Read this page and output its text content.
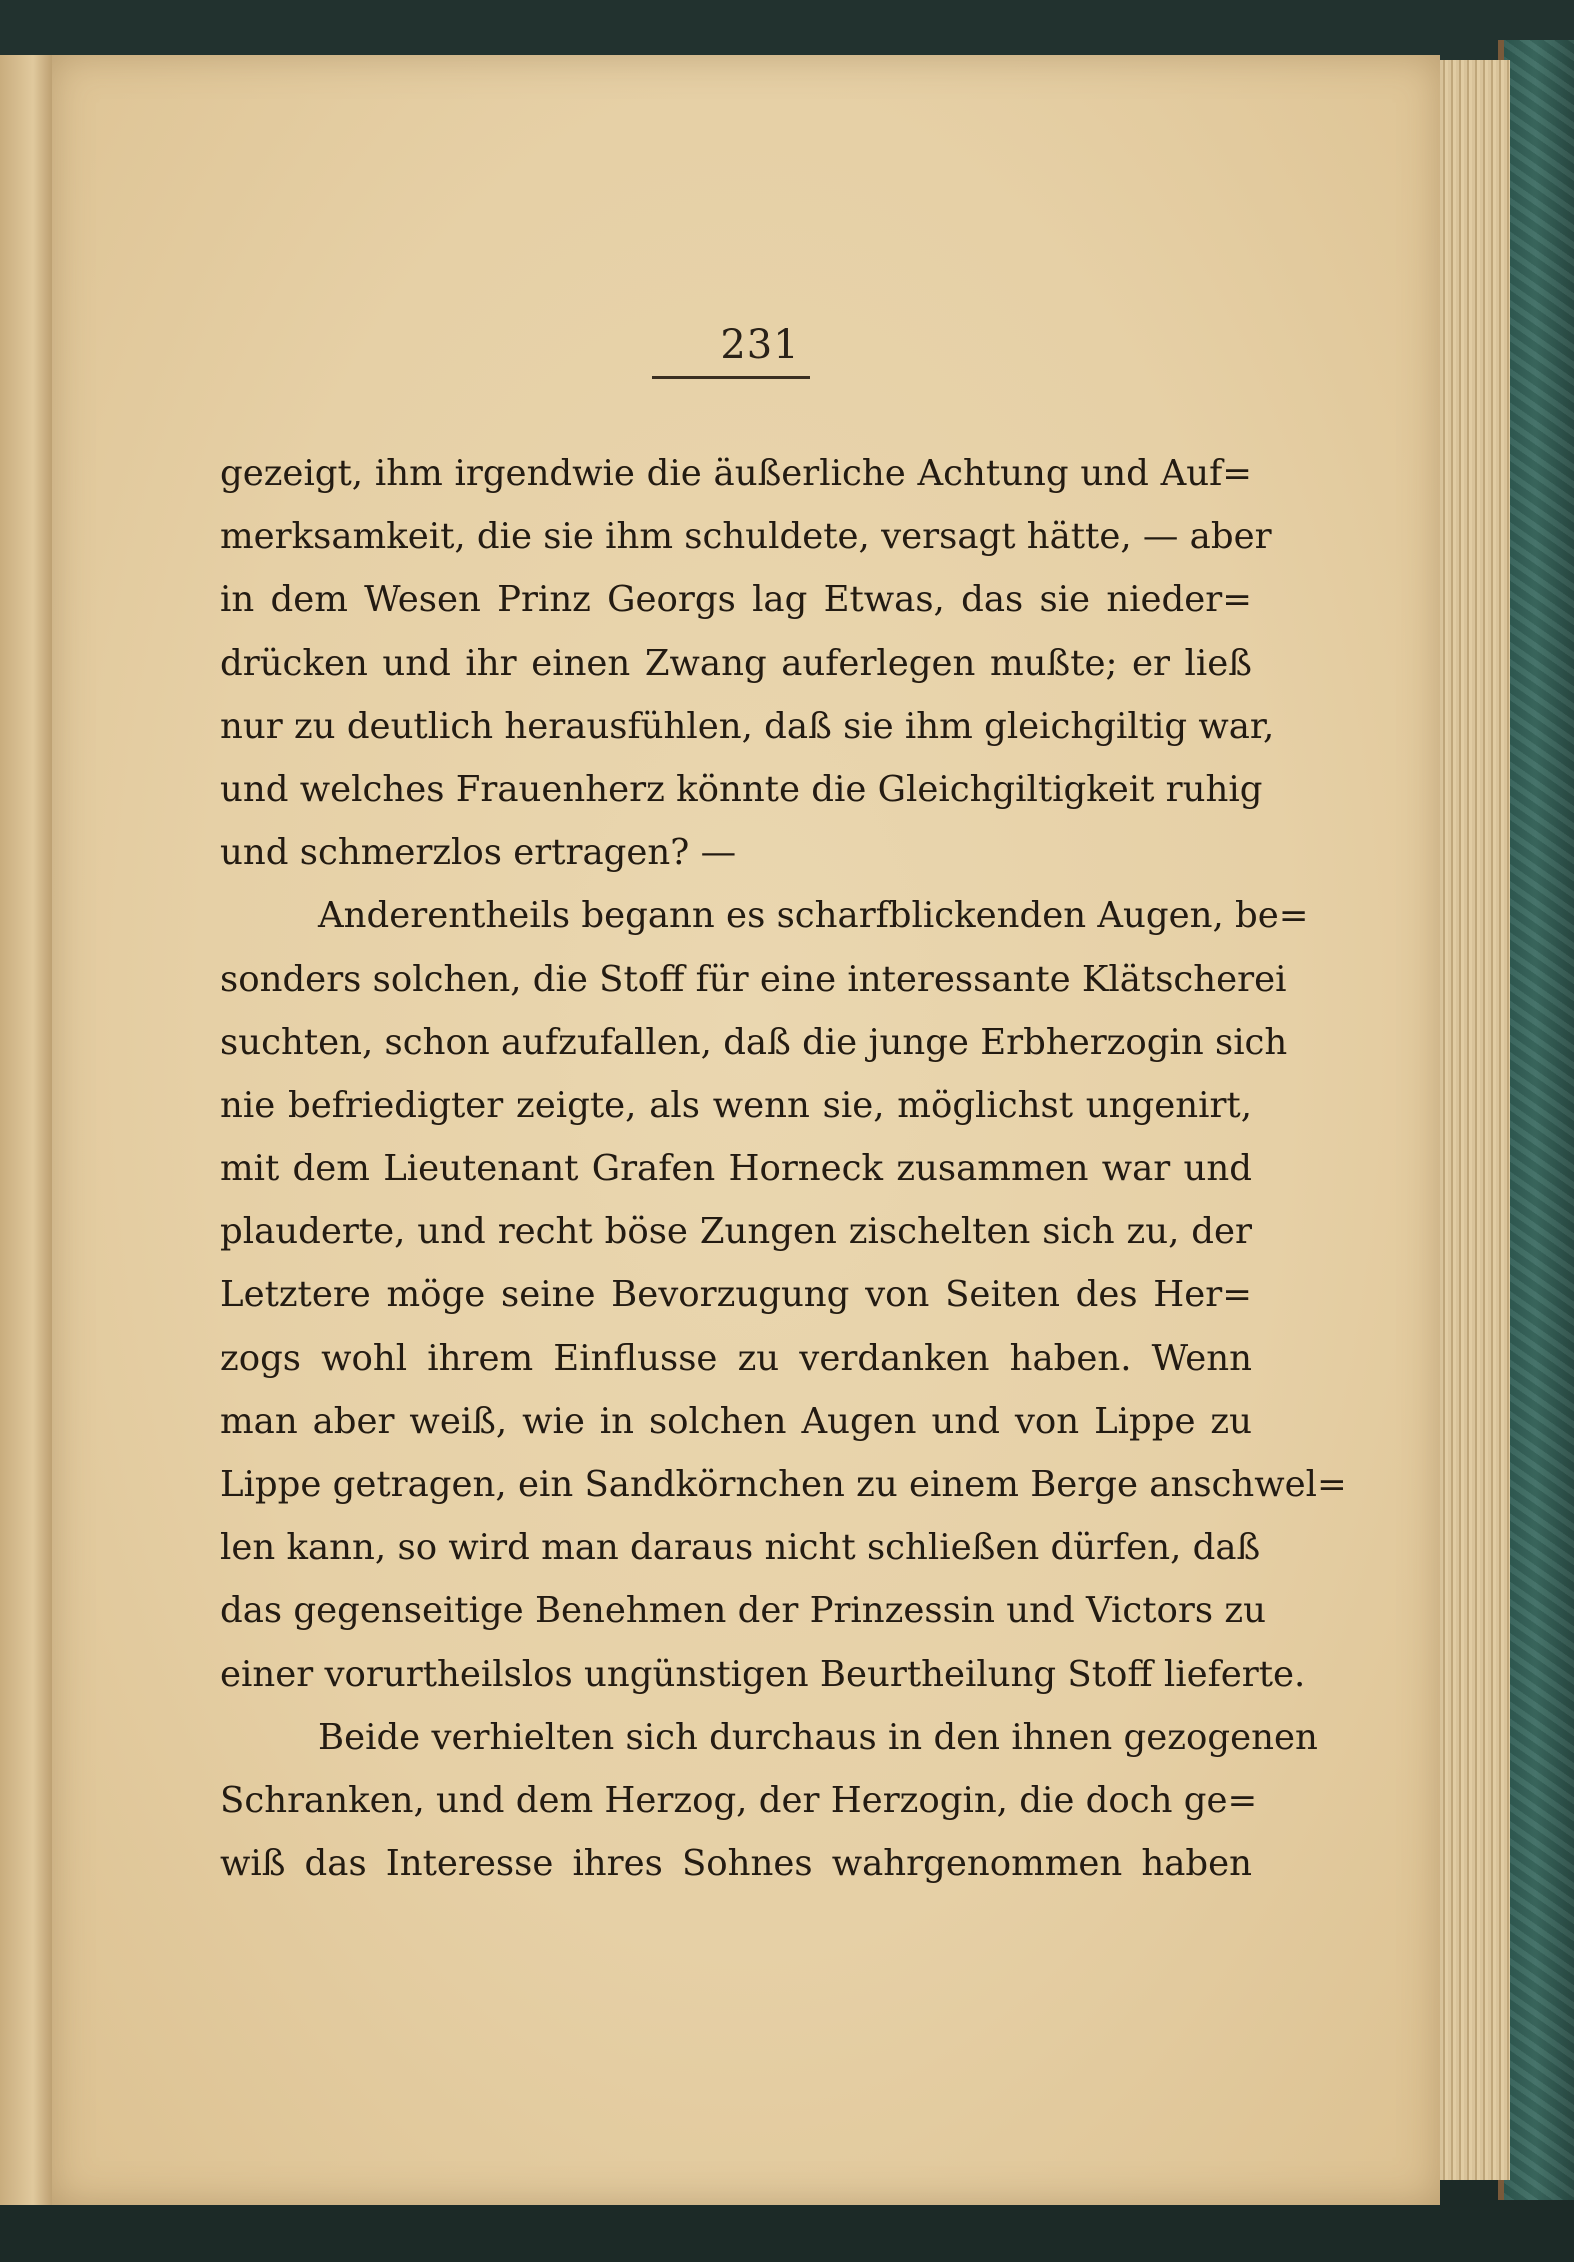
231
gezeigt, ihm irgendwie die äußerliche Achtung und Auf=
merksamkeit, die sie ihm schuldete, versagt hätte, — aber
in dem Wesen Prinz Georgs lag Etwas, das sie nieder=
drücken und ihr einen Zwang auferlegen mußte; er ließ
nur zu deutlich herausfühlen, daß sie ihm gleichgiltig war,
und welches Frauenherz könnte die Gleichgiltigkeit ruhig
und schmerzlos ertragen? —
Anderentheils begann es scharfblickenden Augen, be=
sonders solchen, die Stoff für eine interessante Klätscherei
suchten, schon aufzufallen, daß die junge Erbherzogin sich
nie befriedigter zeigte, als wenn sie, möglichst ungenirt,
mit dem Lieutenant Grafen Horneck zusammen war und
plauderte, und recht böse Zungen zischelten sich zu, der
Letztere möge seine Bevorzugung von Seiten des Her=
zogs wohl ihrem Einflusse zu verdanken haben. Wenn
man aber weiß, wie in solchen Augen und von Lippe zu
Lippe getragen, ein Sandkörnchen zu einem Berge anschwel=
len kann, so wird man daraus nicht schließen dürfen, daß
das gegenseitige Benehmen der Prinzessin und Victors zu
einer vorurtheilslos ungünstigen Beurtheilung Stoff lieferte.
Beide verhielten sich durchaus in den ihnen gezogenen
Schranken, und dem Herzog, der Herzogin, die doch ge=
wiß das Interesse ihres Sohnes wahrgenommen haben
